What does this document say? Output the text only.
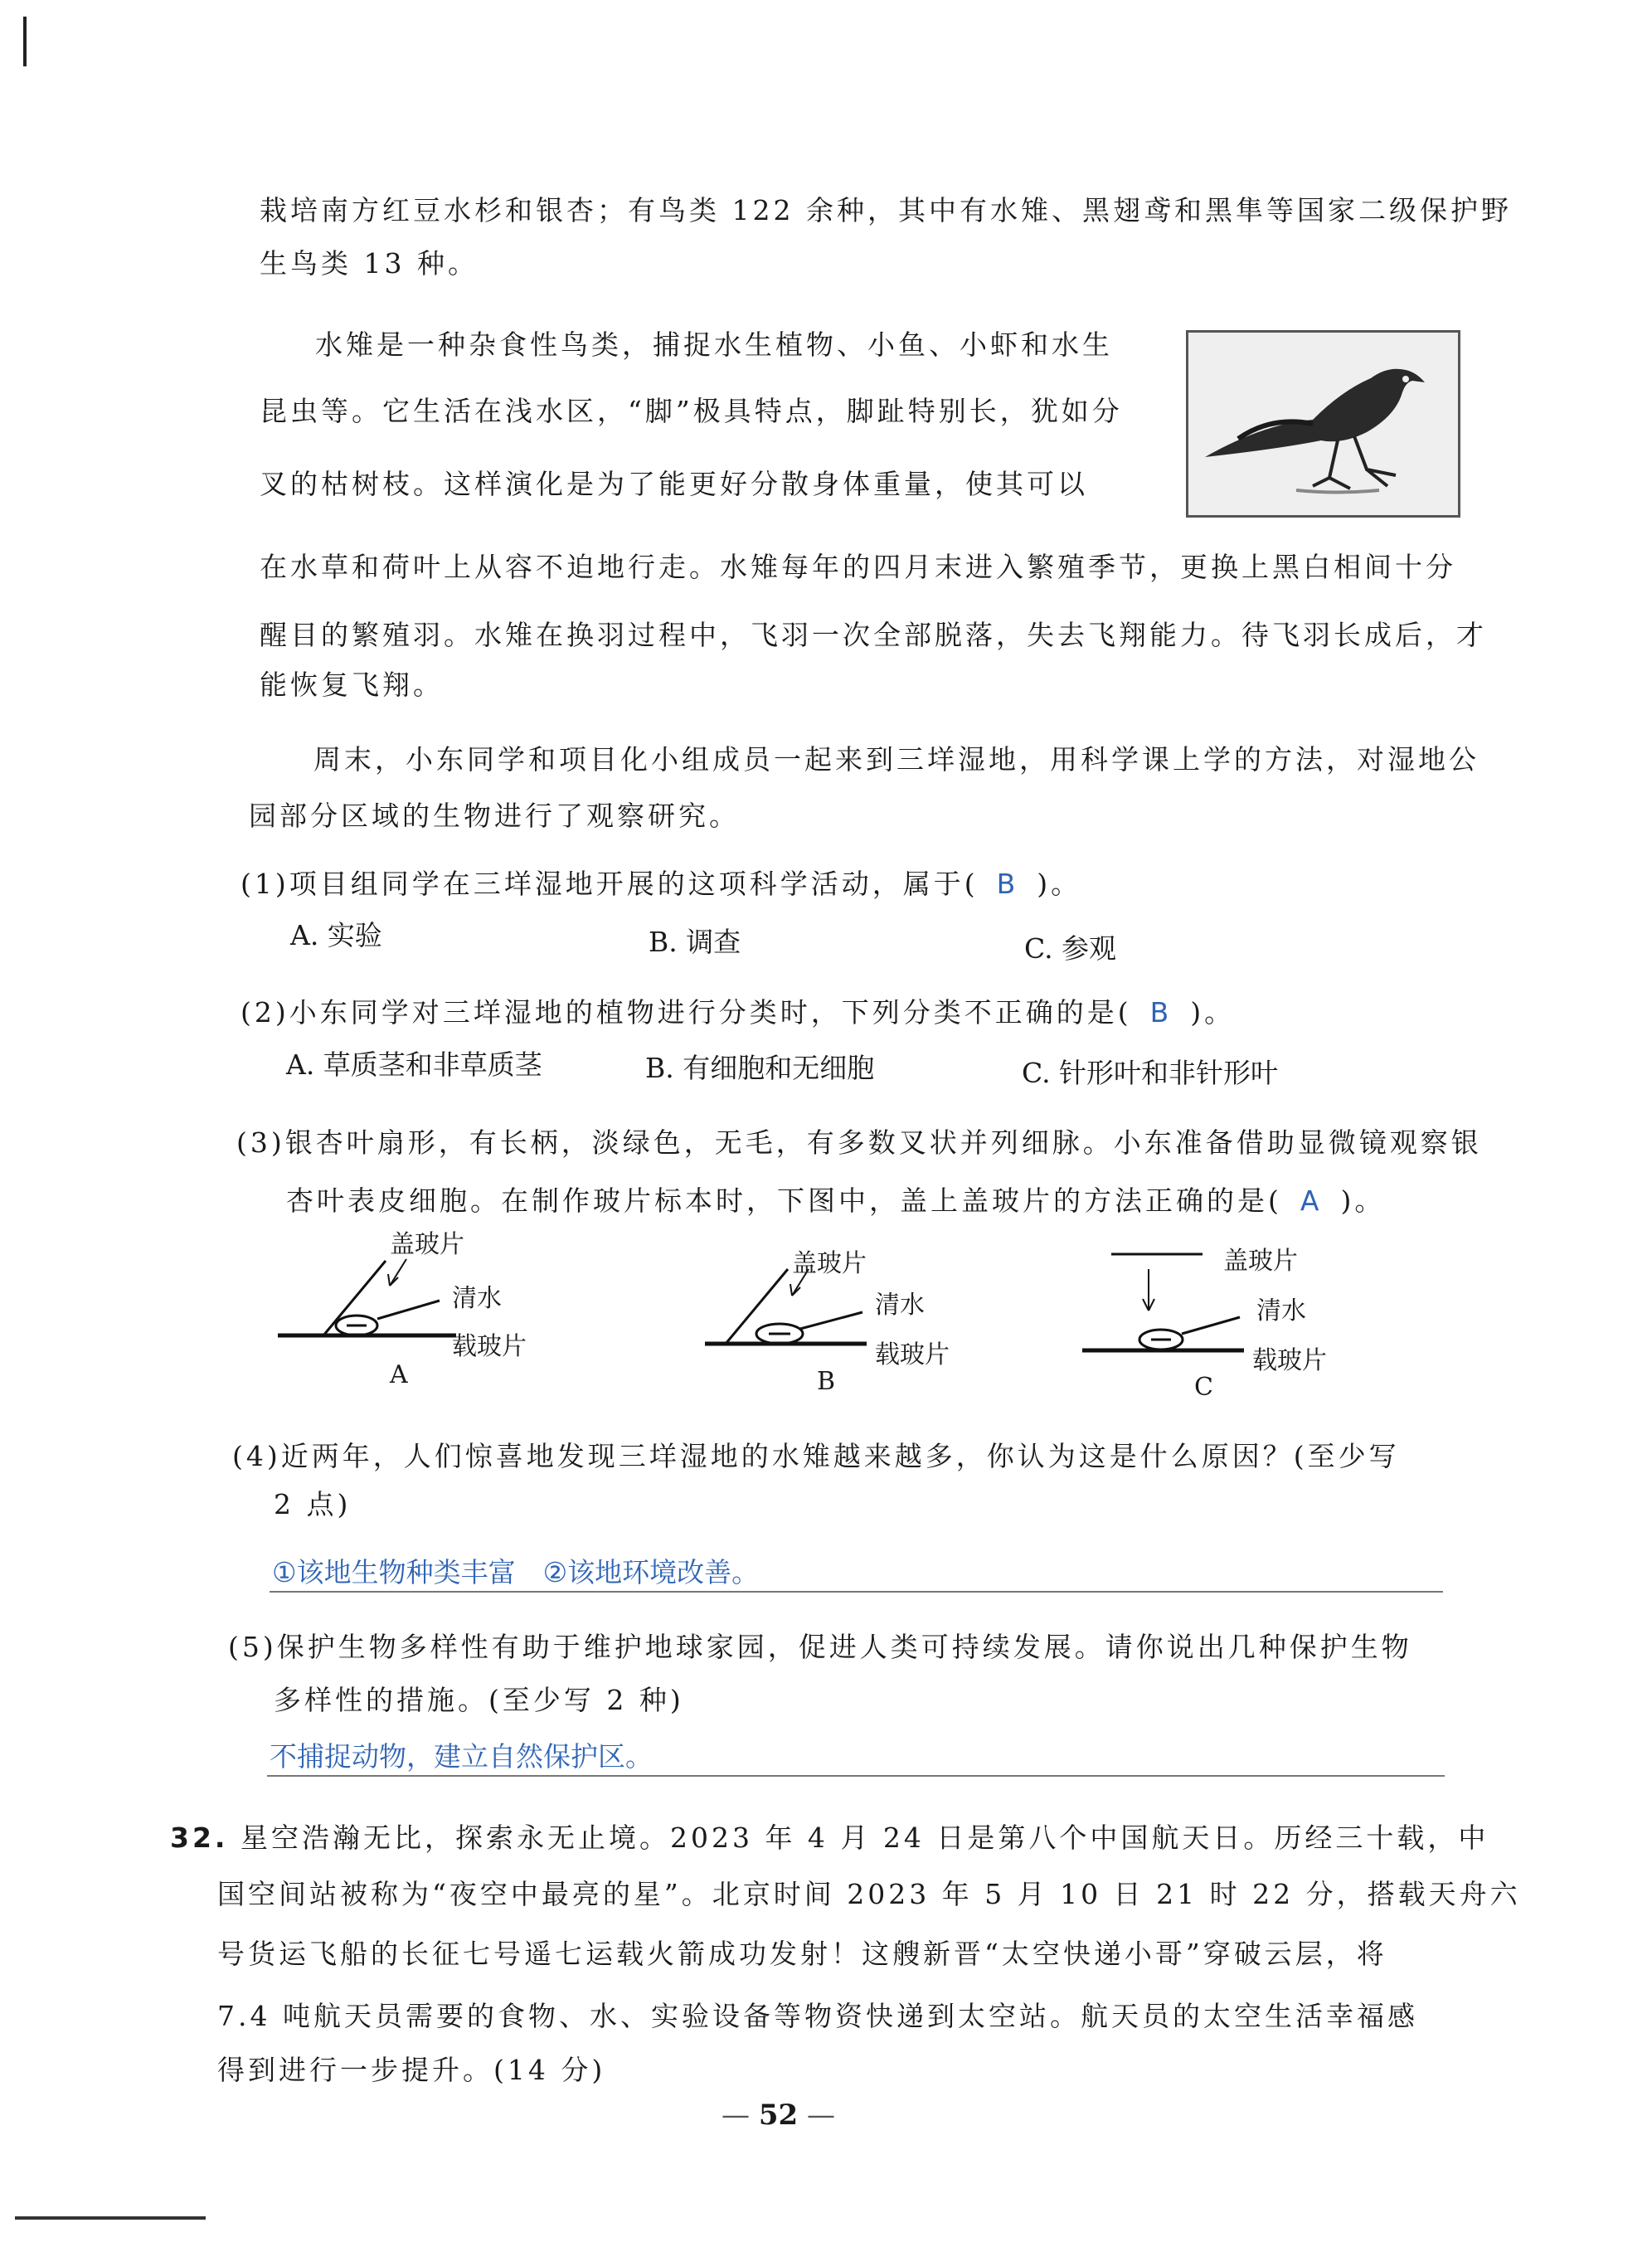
栽培南方红豆水杉和银杏；有鸟类 122 余种，其中有水雉、黑翅鸢和黑隼等国家二级保护野
生鸟类 13 种。
水雉是一种杂食性鸟类，捕捉水生植物、小鱼、小虾和水生
昆虫等。它生活在浅水区，“脚”极具特点，脚趾特别长，犹如分
叉的枯树枝。这样演化是为了能更好分散身体重量，使其可以
在水草和荷叶上从容不迫地行走。水雉每年的四月末进入繁殖季节，更换上黑白相间十分
醒目的繁殖羽。水雉在换羽过程中，飞羽一次全部脱落，失去飞翔能力。待飞羽长成后，才
能恢复飞翔。
周末，小东同学和项目化小组成员一起来到三垟湿地，用科学课上学的方法，对湿地公
园部分区域的生物进行了观察研究。
(1)项目组同学在三垟湿地开展的这项科学活动，属于( B )。
A. 实验	B. 调查	C. 参观
(2)小东同学对三垟湿地的植物进行分类时，下列分类不正确的是( B )。
A. 草质茎和非草质茎	B. 有细胞和无细胞	C. 针形叶和非针形叶
(3)银杏叶扇形，有长柄，淡绿色，无毛，有多数叉状并列细脉。小东准备借助显微镜观察银
杏叶表皮细胞。在制作玻片标本时，下图中，盖上盖玻片的方法正确的是( A )。
盖玻片
清水
载玻片
A
盖玻片
清水
载玻片
B
盖玻片
清水
载玻片
C
(4)近两年，人们惊喜地发现三垟湿地的水雉越来越多，你认为这是什么原因？(至少写
2 点)
①该地生物种类丰富　②该地环境改善。
(5)保护生物多样性有助于维护地球家园，促进人类可持续发展。请你说出几种保护生物
多样性的措施。(至少写 2 种)
不捕捉动物，建立自然保护区。
32. 星空浩瀚无比，探索永无止境。2023 年 4 月 24 日是第八个中国航天日。历经三十载，中
国空间站被称为“夜空中最亮的星”。北京时间 2023 年 5 月 10 日 21 时 22 分，搭载天舟六
号货运飞船的长征七号遥七运载火箭成功发射！这艘新晋“太空快递小哥”穿破云层，将
7.4 吨航天员需要的食物、水、实验设备等物资快递到太空站。航天员的太空生活幸福感
得到进行一步提升。(14 分)
— 52 —
